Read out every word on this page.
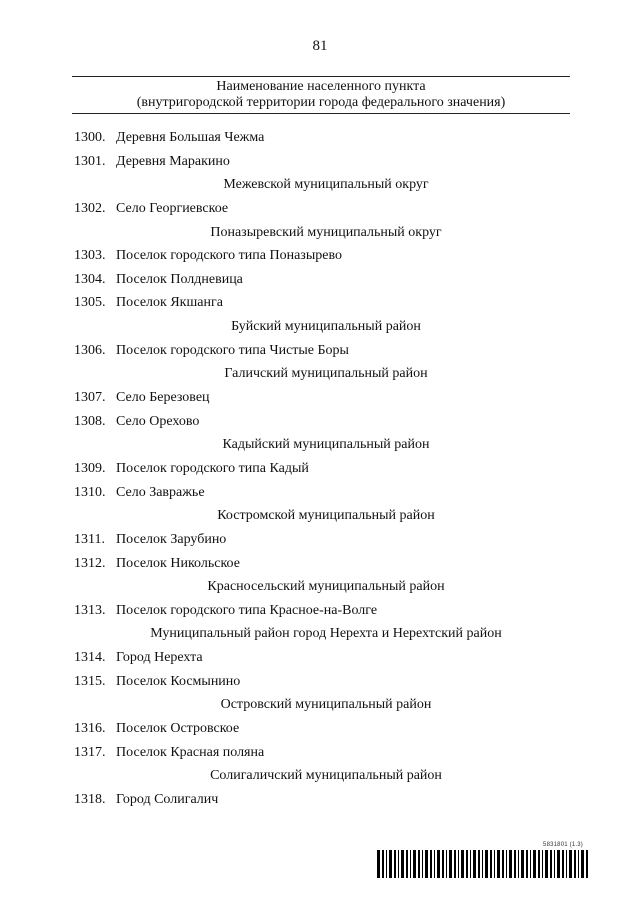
81
Наименование населенного пункта
(внутригородской территории города федерального значения)
1300. Деревня Большая Чежма
1301. Деревня Маракино
Межевской муниципальный округ
1302. Село Георгиевское
Поназыревский муниципальный округ
1303. Поселок городского типа Поназырево
1304. Поселок Полдневица
1305. Поселок Якшанга
Буйский муниципальный район
1306. Поселок городского типа Чистые Боры
Галичский муниципальный район
1307. Село Березовец
1308. Село Орехово
Кадыйский муниципальный район
1309. Поселок городского типа Кадый
1310. Село Завражье
Костромской муниципальный район
1311. Поселок Зарубино
1312. Поселок Никольское
Красносельский муниципальный район
1313. Поселок городского типа Красное-на-Волге
Муниципальный район город Нерехта и Нерехтский район
1314. Город Нерехта
1315. Поселок Космынино
Островский муниципальный район
1316. Поселок Островское
1317. Поселок Красная поляна
Солигаличский муниципальный район
1318. Город Солигалич
5831801 (1.3)
